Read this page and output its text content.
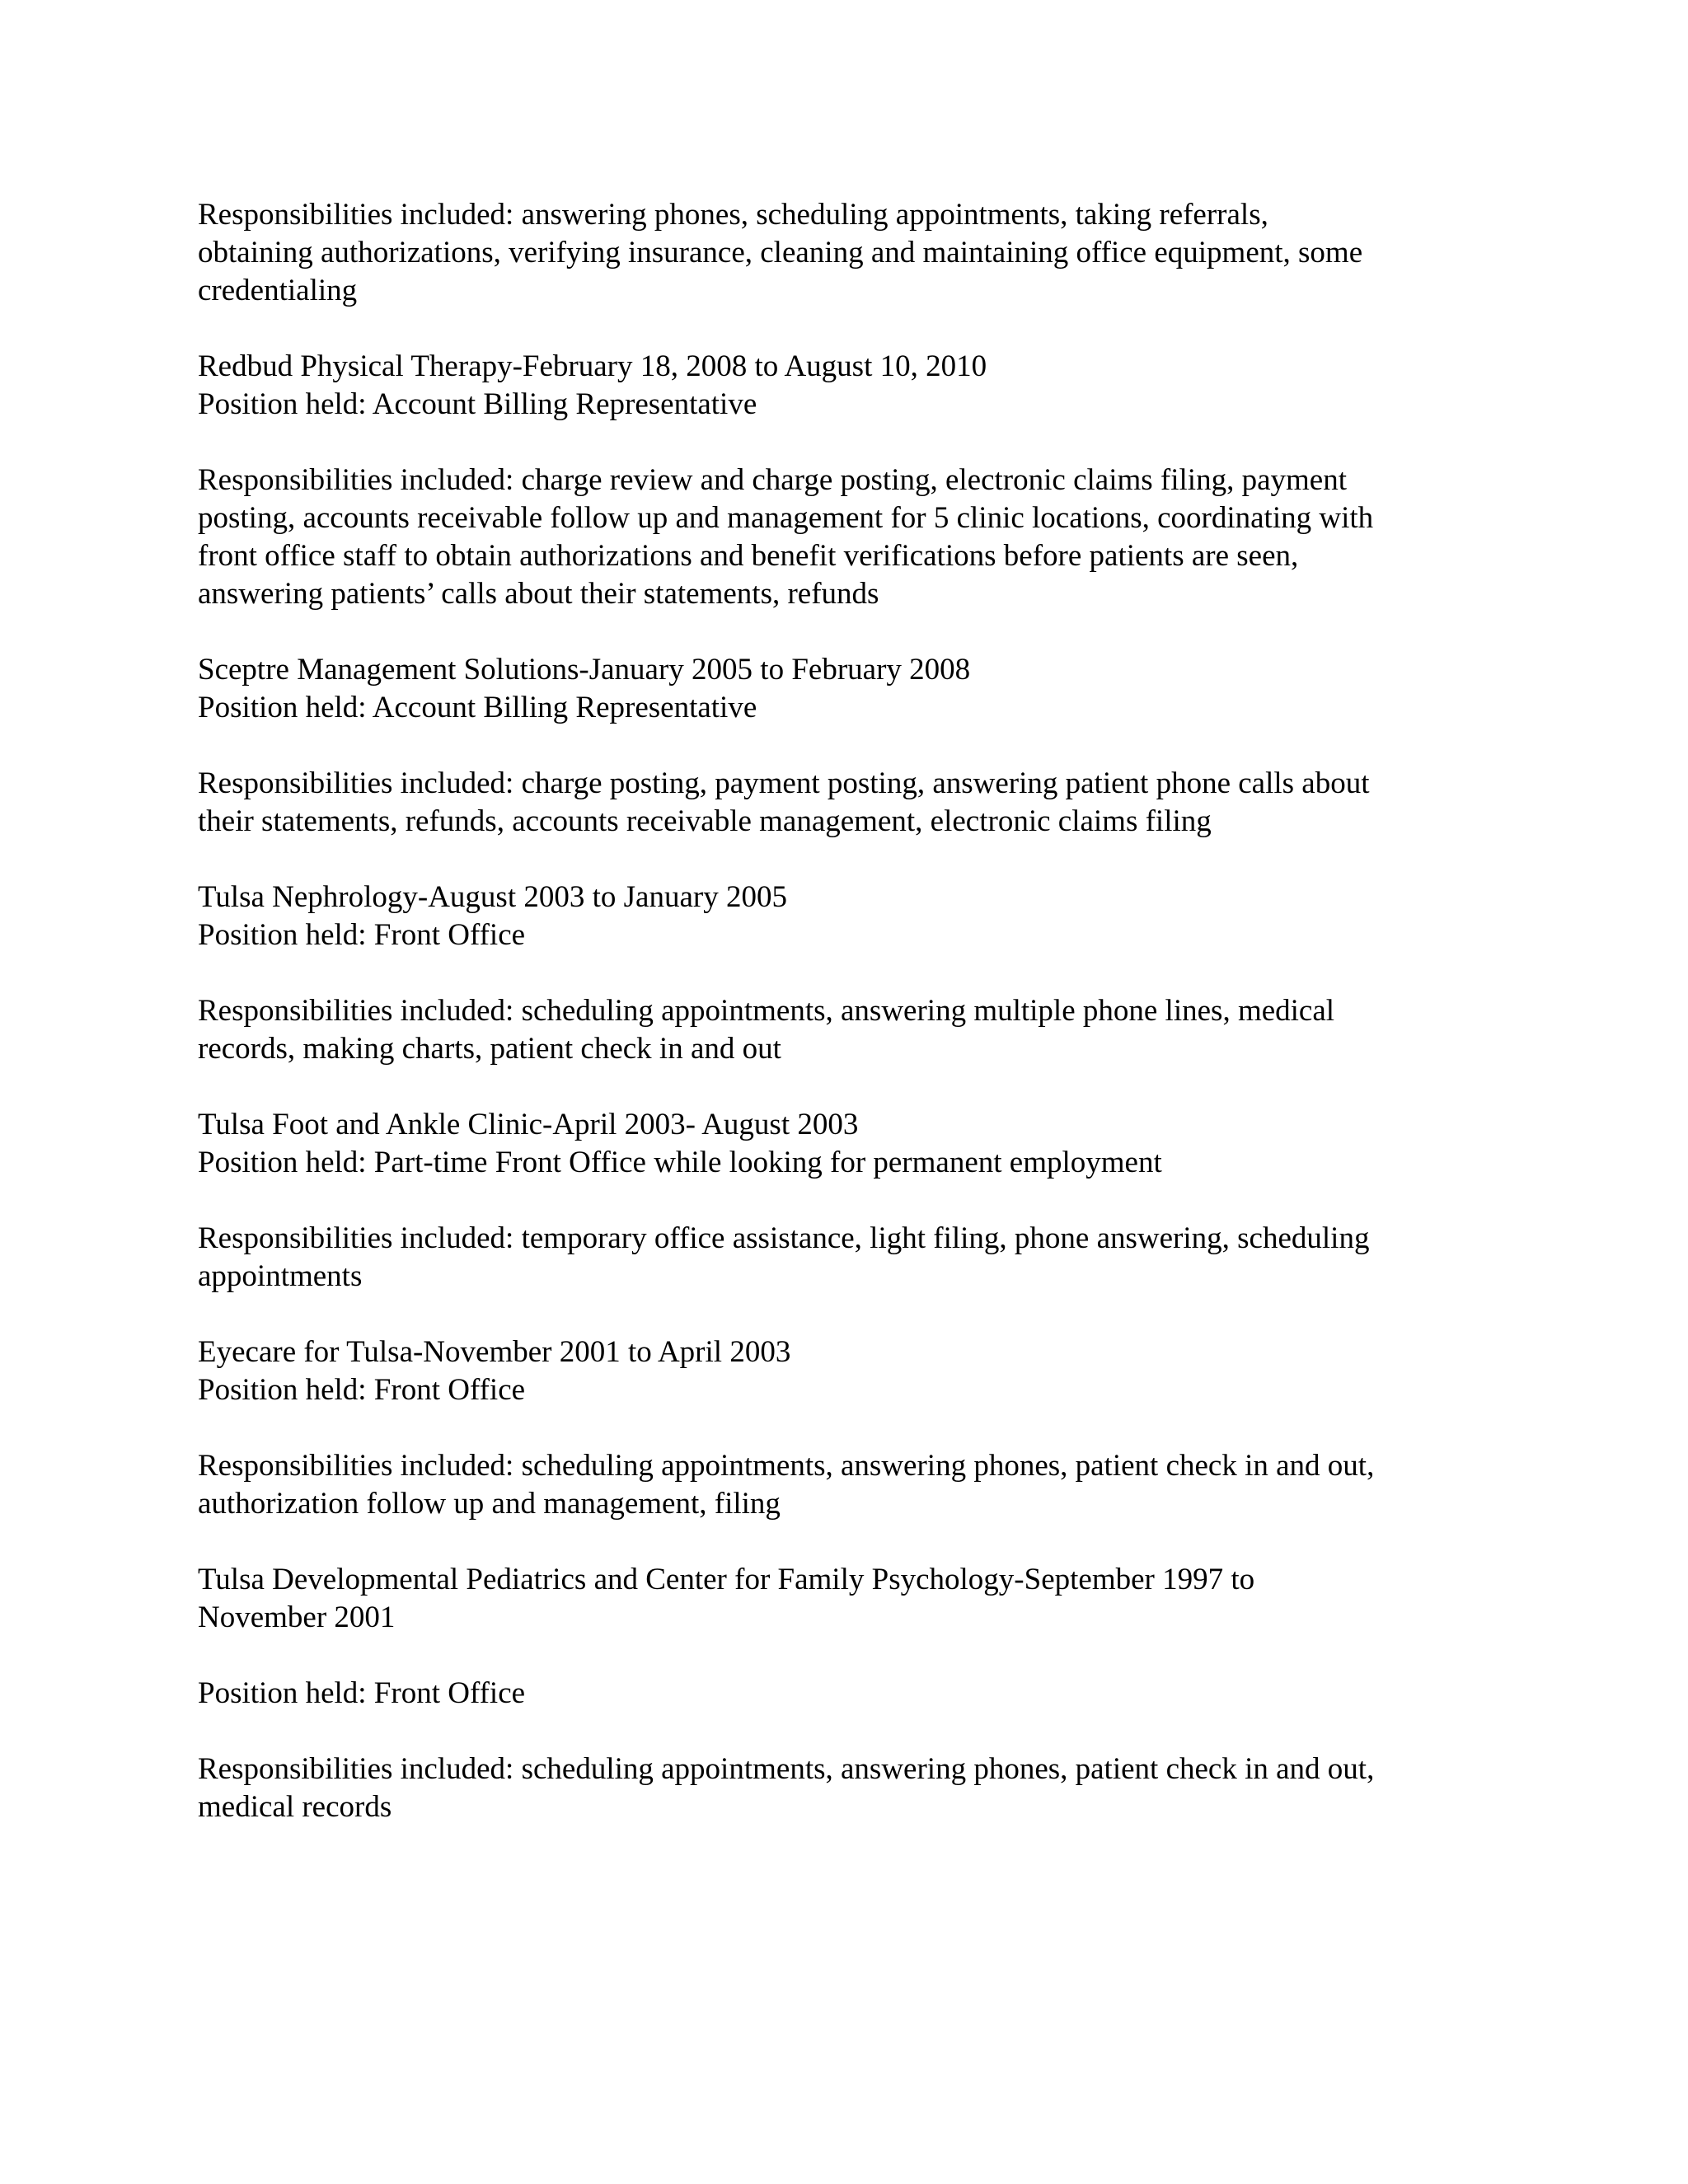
Responsibilities included: answering phones, scheduling appointments, taking referrals,
obtaining authorizations, verifying insurance, cleaning and maintaining office equipment, some
credentialing

Redbud Physical Therapy-February 18, 2008 to August 10, 2010
Position held: Account Billing Representative

Responsibilities included: charge review and charge posting, electronic claims filing, payment
posting, accounts receivable follow up and management for 5 clinic locations, coordinating with
front office staff to obtain authorizations and benefit verifications before patients are seen,
answering patients’ calls about their statements, refunds

Sceptre Management Solutions-January 2005 to February 2008
Position held: Account Billing Representative

Responsibilities included: charge posting, payment posting, answering patient phone calls about
their statements, refunds, accounts receivable management, electronic claims filing

Tulsa Nephrology-August 2003 to January 2005
Position held: Front Office

Responsibilities included: scheduling appointments, answering multiple phone lines, medical
records, making charts, patient check in and out

Tulsa Foot and Ankle Clinic-April 2003- August 2003
Position held: Part-time Front Office while looking for permanent employment

Responsibilities included: temporary office assistance, light filing, phone answering, scheduling
appointments

Eyecare for Tulsa-November 2001 to April 2003
Position held: Front Office

Responsibilities included: scheduling appointments, answering phones, patient check in and out,
authorization follow up and management, filing

Tulsa Developmental Pediatrics and Center for Family Psychology-September 1997 to
November 2001

Position held: Front Office

Responsibilities included: scheduling appointments, answering phones, patient check in and out,
medical records
